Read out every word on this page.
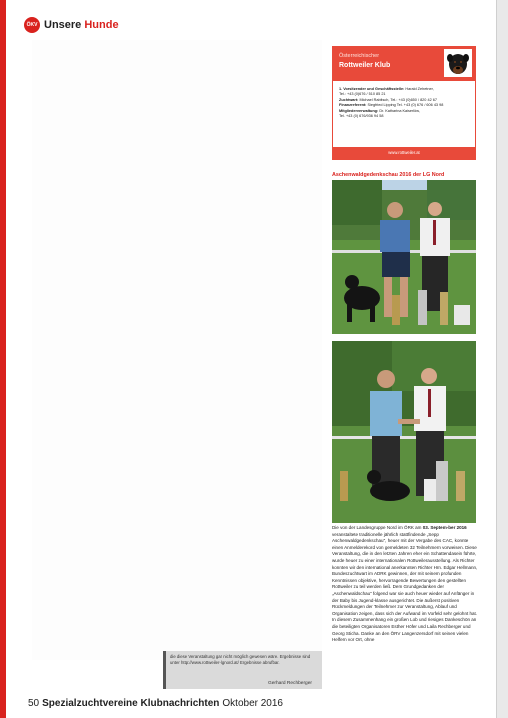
ÖKV Unsere Hunde
Österreichischer
Rottweiler Klub
1. Vorsitzender und Geschäftsstelle: Harald Zehetner,
Tel.: +43 (0)676 / 510 85 21
Zuchtwart: Michael Rabitsch, Tel.: +43 (0)650 / 820 42 67
Finanzreferent: Siegfried Lipping Tel. +43 (0) 676 / 606 43 98
Mitgliederverwaltung: Dr. Katharina Kaiserlöw,
Tel. +43 (0) 676/936 94 58
www.rottweiler.at
Aschenwaldgedenkschau 2016 der LG Nord

Die von der Landesgruppe Nord im ÖRK am 03. Septem-ber 2016 veranstaltete traditionelle jährlich stattfindende „Sepp Aschenwaldgedenkschau", heuer mit der Vergabe des CAC, konnte einen Anmelderekord von gemeldeten 32 Teilnehmern vorweisen. Diese Veranstaltung, die in den letzten Jahren eher ein Schattendasein führte, wurde heuer zu einer internationalen Rottweilerausstellung. Als Richter konnten wir den international anerkannten Richter Hrn. Edgar Hellmann, Bundeszuchtwart im ADRK gewinnen, der mit seinem profunden Kenntnissen objektive, hervorragende Bewertungen den gestellten Rottweiler zu teil werden ließ. Dem Grundgedanken der „Aschenwaldschau" folgend war sie auch heuer wieder auf Anfänger in der Baby bis Jugend-klasse ausgerichtet. Die äußerst positiven Rückmeldungen der Teilnehmer zur Veranstaltung, Ablauf und Organisation zeigen, dass sich der Aufwand im Vorfeld sehr gelohnt hat. In diesem Zusammenhang ein großen Lob und riesiges Dankeschön an die beteiligten Organisatoren Esther Höfer und Laila Rechberger und Georg Sticha. Danke an den ÖRV Langenzersdorf mit seinen vielen Helfern vor Ort, ohne

die diese Veranstaltung gar nicht möglich gewesen wäre. Ergebnisse sind unter http://www.rottweiler-lgnord.at/ Ergebnisse abrufbar.
Gerhard Rechberger
50 Spezialzuchtvereine Klubnachrichten Oktober 2016
